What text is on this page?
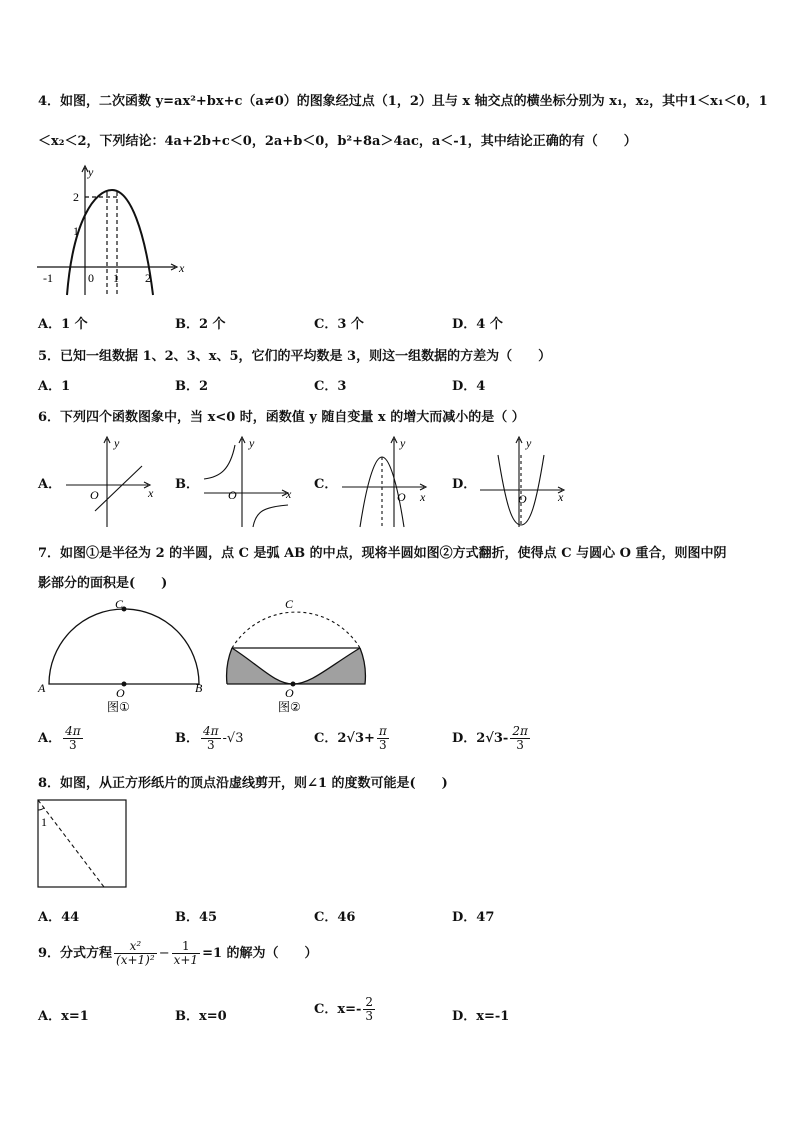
4．如图，二次函数 y=ax²+bx+c（a≠0）的图象经过点（1，2）且与 x 轴交点的横坐标分别为 x₁，x₂，其中1＜x₁＜0，1
＜x₂＜2，下列结论：4a+2b+c＜0，2a+b＜0，b²+8a＞4ac，a＜-1，其中结论正确的有（　　）
y
x
2
1
-1	0 1 2
A．1 个	B．2 个	C．3 个	D．4 个
5．已知一组数据 1、2、3、x、5，它们的平均数是 3，则这一组数据的方差为（　　）
A．1	B．2	C．3	D．4
6．下列四个函数图象中，当 x<0 时，函数值 y 随自变量 x 的增大而减小的是（ ）
A．
y
x
O
B．
y
x
O
C．
y
x
O
D．
y
x
O
7．如图①是半径为 2 的半圆，点 C 是弧 AB 的中点，现将半圆如图②方式翻折，使得点 C 与圆心 O 重合，则图中阴
影部分的面积是(　　)
C
A	B
O
图①
C
O
图②
A． $\frac{4\pi}{3}$	B． $\frac{4\pi}{3} -√3$	C．$2√3+ \frac{\pi}{3}$	D．$2√3- \frac{2\pi}{3}$
8．如图，从正方形纸片的顶点沿虚线剪开，则∠1 的度数可能是(　　)
1
A．44	B．45	C．46	D．47
9．分式方程 $\frac{\text{x²}}{\text{(x+1)²}} - \frac{1}{x+1} =1$ 的解为（　　）
A．x=1	B．x=0	C．$x=- \frac{2}{3}$	D．x=-1
